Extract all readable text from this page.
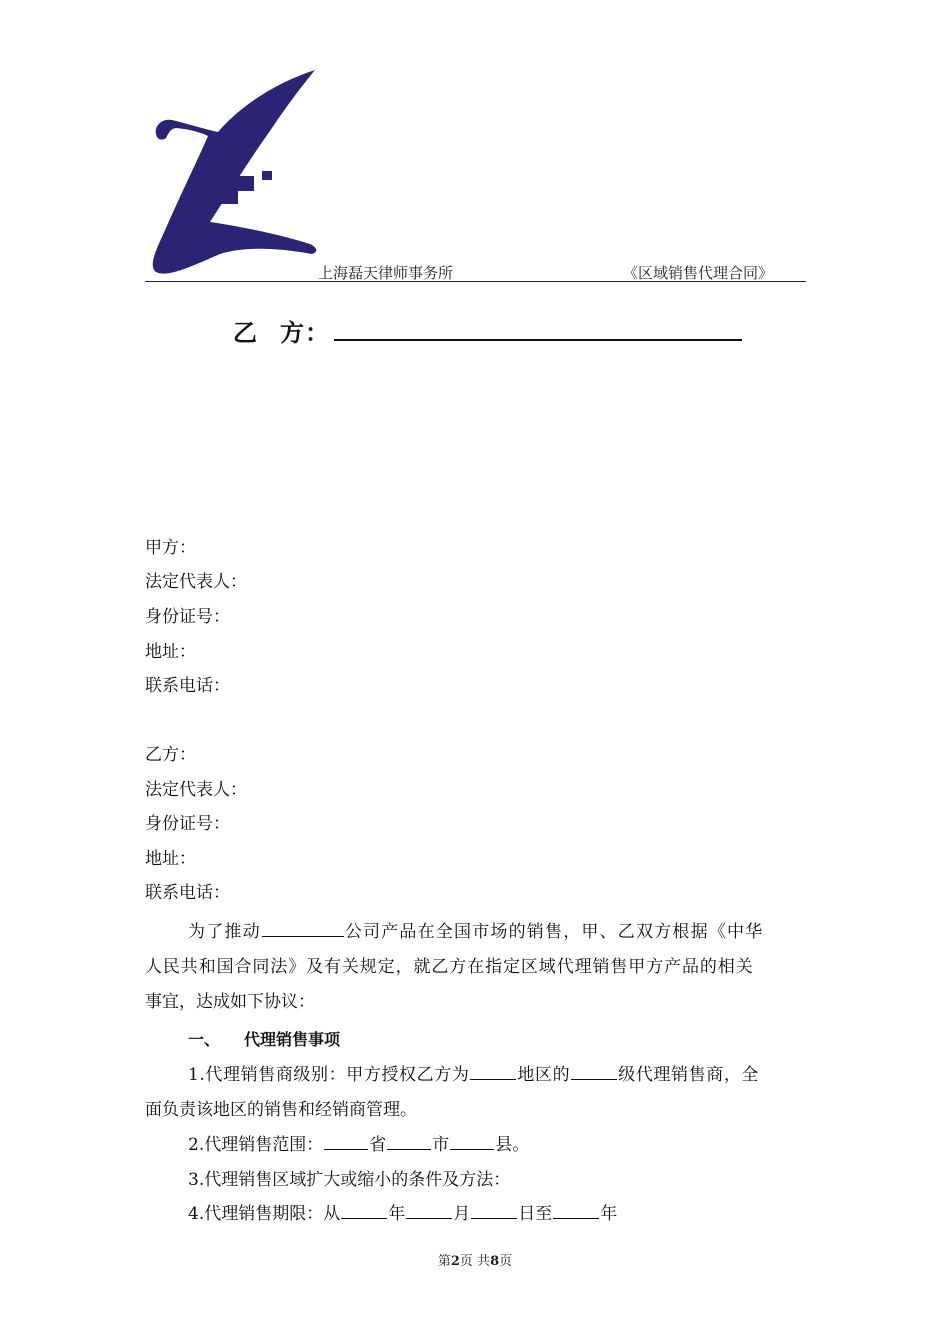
上海磊天律师事务所	《区域销售代理合同》
乙 方：
甲方：
法定代表人：
身份证号：
地址：
联系电话：
乙方：
法定代表人：
身份证号：
地址：
联系电话：
为了推动	公司产品在全国市场的销售，甲、乙双方根据《中华
人民共和国合同法》及有关规定，就乙方在指定区域代理销售甲方产品的相关
事宜，达成如下协议：
一、 代理销售事项
1.代理销售商级别：甲方授权乙方为	地区的	级代理销售商，全
面负责该地区的销售和经销商管理。
2.代理销售范围：	省	市	县。
3.代理销售区域扩大或缩小的条件及方法：
4.代理销售期限：从	年	月	日至	年
第2页 共8页
